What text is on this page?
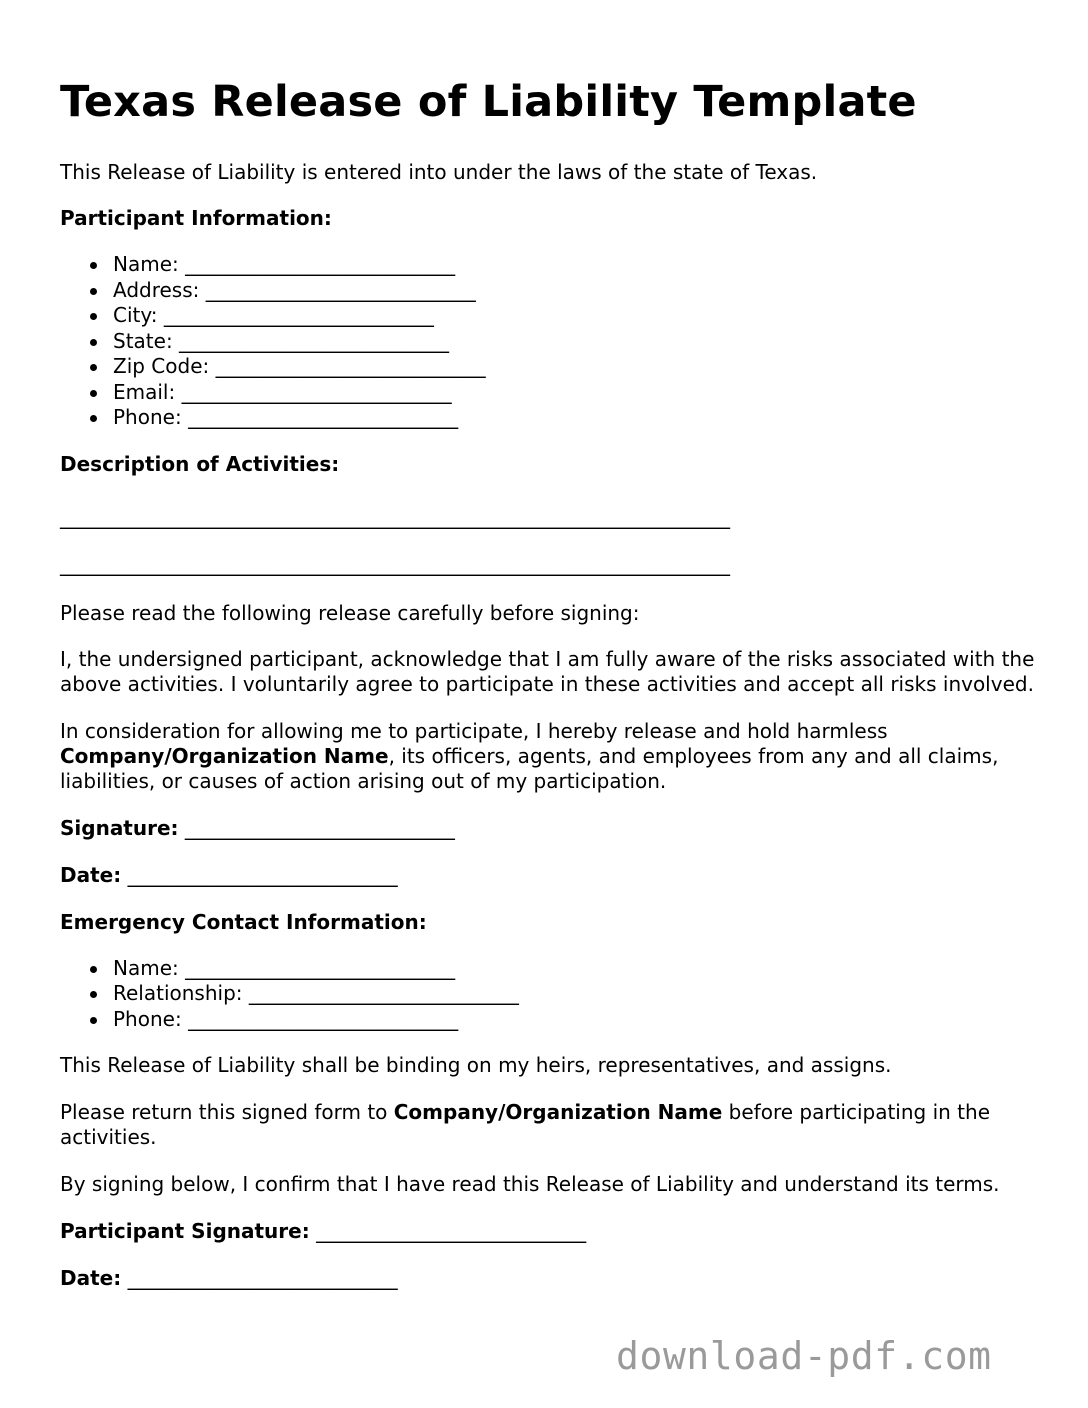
Texas Release of Liability Template

This Release of Liability is entered into under the laws of the state of Texas.

Participant Information:

Name: ___________________________
Address: ___________________________
City: ___________________________
State: ___________________________
Zip Code: ___________________________
Email: ___________________________
Phone: ___________________________

Description of Activities:

___________________________________________________________________
___________________________________________________________________

Please read the following release carefully before signing:

I, the undersigned participant, acknowledge that I am fully aware of the risks associated with the above activities. I voluntarily agree to participate in these activities and accept all risks involved.

In consideration for allowing me to participate, I hereby release and hold harmless Company/Organization Name, its officers, agents, and employees from any and all claims, liabilities, or causes of action arising out of my participation.

Signature: ___________________________

Date: ___________________________

Emergency Contact Information:

Name: ___________________________
Relationship: ___________________________
Phone: ___________________________

This Release of Liability shall be binding on my heirs, representatives, and assigns.

Please return this signed form to Company/Organization Name before participating in the activities.

By signing below, I confirm that I have read this Release of Liability and understand its terms.

Participant Signature: ___________________________

Date: ___________________________

download-pdf.com
